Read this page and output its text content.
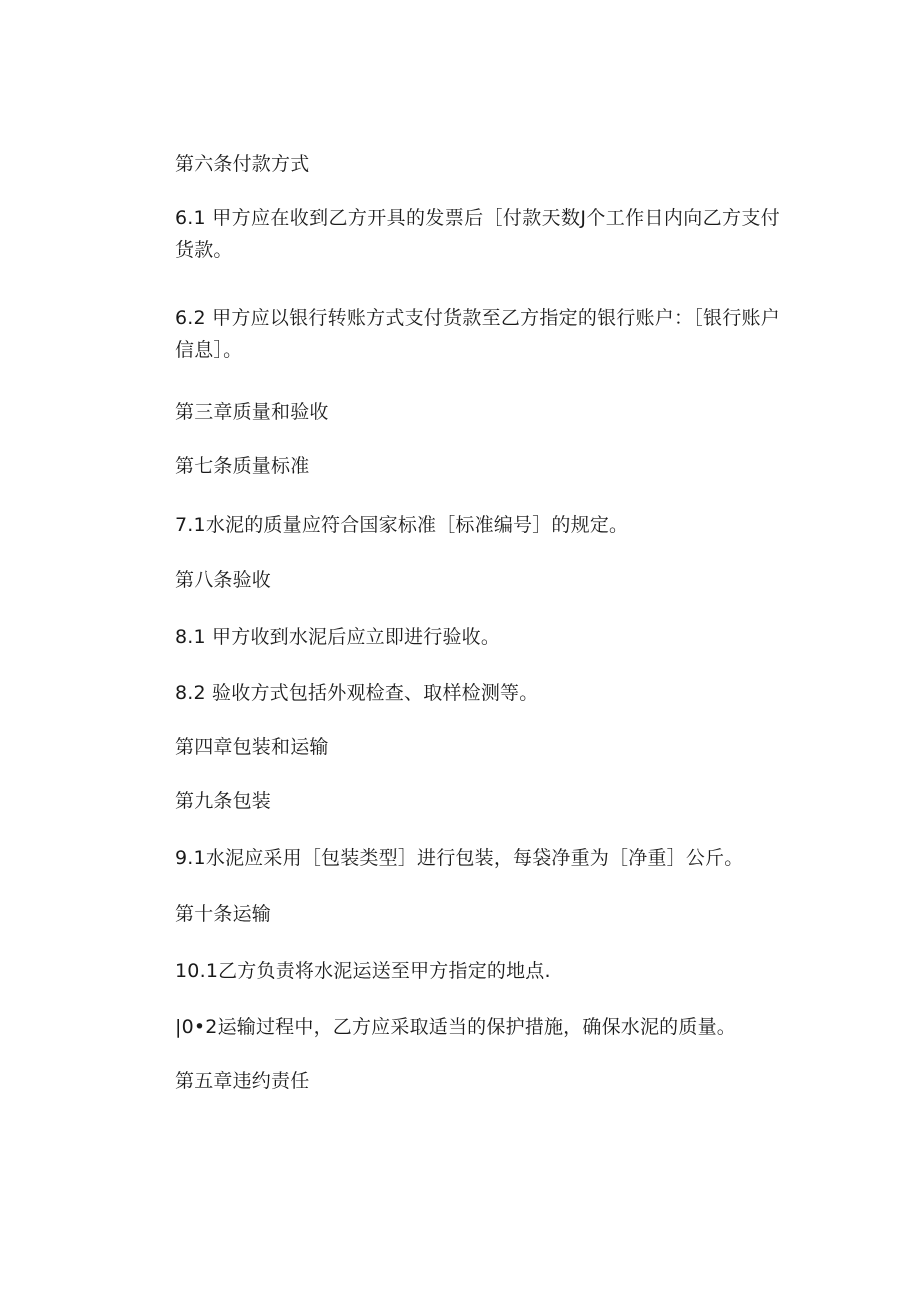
第六条付款方式
6.1 甲方应在收到乙方开具的发票后［付款天数J个工作日内向乙方支付货款。
6.2 甲方应以银行转账方式支付货款至乙方指定的银行账户：［银行账户信息］。
第三章质量和验收
第七条质量标准
7.1水泥的质量应符合国家标准［标准编号］的规定。
第八条验收
8.1 甲方收到水泥后应立即进行验收。
8.2 验收方式包括外观检查、取样检测等。
第四章包装和运输
第九条包装
9.1水泥应采用［包装类型］进行包装，每袋净重为［净重］公斤。
第十条运输
10.1乙方负责将水泥运送至甲方指定的地点.
|0•2运输过程中，乙方应采取适当的保护措施，确保水泥的质量。
第五章违约责任
